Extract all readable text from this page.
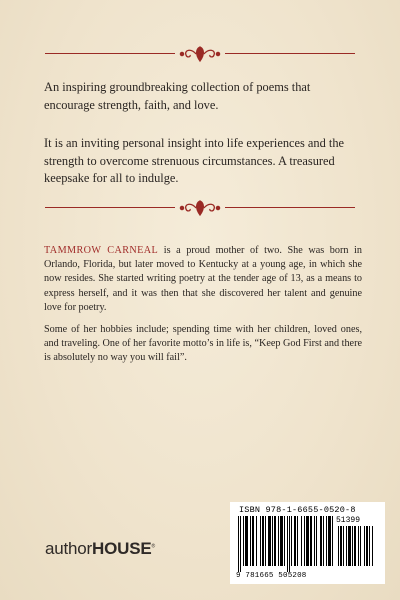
An inspiring groundbreaking collection of poems that encourage strength, faith, and love.

It is an inviting personal insight into life experiences and the strength to overcome strenuous circumstances. A treasured keepsake for all to indulge.

TAMMROW CARNEAL is a proud mother of two. She was born in Orlando, Florida, but later moved to Kentucky at a young age, in which she now resides. She started writing poetry at the tender age of 13, as a means to express herself, and it was then that she discovered her talent and genuine love for poetry.

Some of her hobbies include; spending time with her children, loved ones, and traveling. One of her favorite motto’s in life is, “Keep God First and there is absolutely no way you will fail”.

authorHOUSE®
ISBN 978-1-6655-0520-8
51399
9 781665 505208
